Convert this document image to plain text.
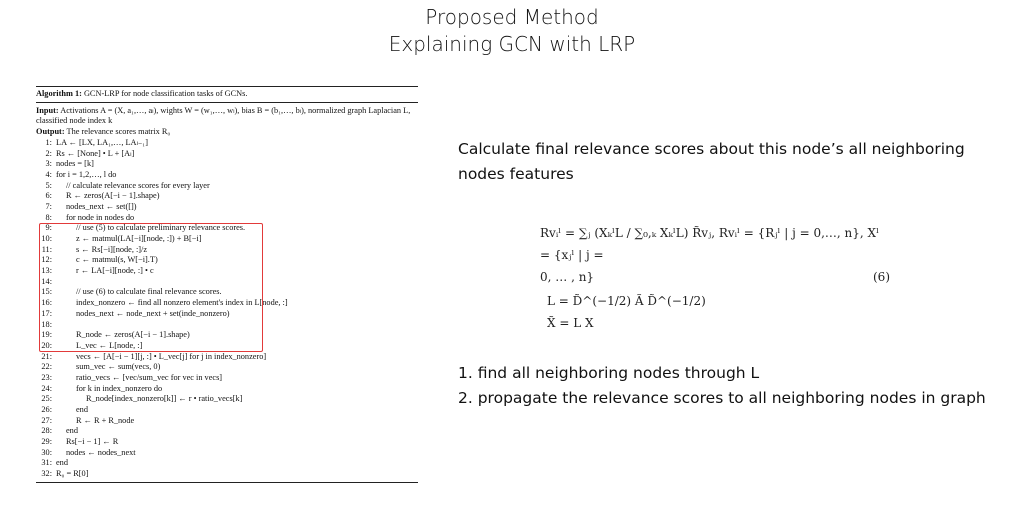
Proposed Method
Explaining GCN with LRP
Algorithm 1: GCN-LRP for node classification tasks of GCNs.
Input: Activations A = (X, a₁,…, aₗ), wights W = (w₁,…, wₗ), bias B = (b₁,…, bₗ), normalized graph Laplacian L, classified node index k
Output: The relevance scores matrix R₀
1: LA ← [LX, LA₁,…, LAₗ₋₁]
2: Rs ← [None] • L + [Aₗ]
3: nodes = [k]
4: for i = 1,2,…, l do
5: // calculate relevance scores for every layer
6: R ← zeros(A[−i − 1].shape)
7: nodes_next ← set([])
8: for node in nodes do
9:	// use (5) to calculate preliminary relevance scores.
10:	z ← matmul(LA[−i][node, :]) + B[−i]
11:	s ← Rs[−i][node, :]/z
12:	c ← matmul(s, W[−i].T)
13:	r ← LA[−i][node, :] • c
14:
15:	// use (6) to calculate final relevance scores.
16:	index_nonzero ← find all nonzero element's index in L[node, :]
17:	nodes_next ← node_next + set(inde_nonzero)
18:
19:	R_node ← zeros(A[−i − 1].shape)
20:	L_vec ← L[node, :]
21:	vecs ← [A[−i − 1][j, :] • L_vec[j] for j in index_nonzero]
22:	sum_vec ← sum(vecs, 0)
23:	ratio_vecs ← [vec/sum_vec for vec in vecs]
24:	for k in index_nonzero do
25:	R_node[index_nonzero[k]] ← r • ratio_vecs[k]
26:	end
27:	R ← R + R_node
28: end
29: Rs[−i − 1] ← R
30: nodes ← nodes_next
31: end
32: R₀ = R[0]
Calculate final relevance scores about this node’s all neighboring nodes features
Rvᵢˡ = ∑ⱼ (XₖˡL / ∑₀,ₖ XₖˡL) R̃vⱼ, Rvᵢˡ = {Rⱼˡ | j = 0,…, n}, Xˡ = {xⱼˡ | j =
0, … , n}	(6)
L = D̃^(−1/2) Ã D̃^(−1/2)
X̃ = L X
1. find all neighboring nodes through L
2. propagate the relevance scores to all neighboring nodes in graph
